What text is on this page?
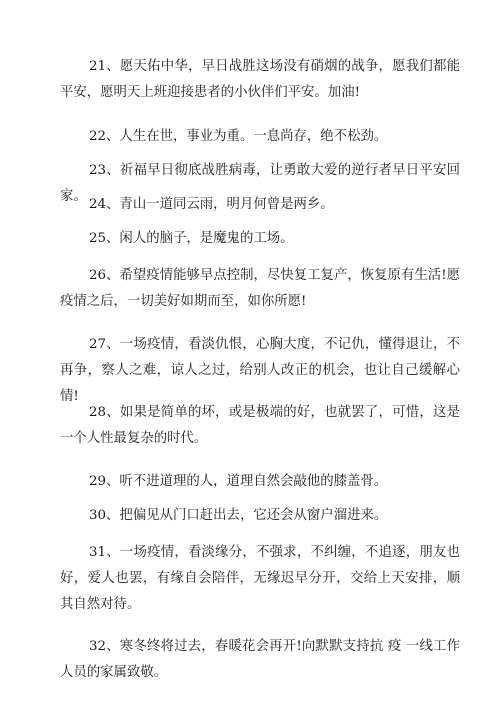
21、愿天佑中华，早日战胜这场没有硝烟的战争，愿我们都能平安，愿明天上班迎接患者的小伙伴们平安。加油!

22、人生在世，事业为重。一息尚存，绝不松劲。

23、祈福早日彻底战胜病毒，让勇敢大爱的逆行者早日平安回家。

24、青山一道同云雨，明月何曾是两乡。

25、闲人的脑子，是魔鬼的工场。

26、希望疫情能够早点控制，尽快复工复产，恢复原有生活!愿疫情之后，一切美好如期而至，如你所愿!

27、一场疫情，看淡仇恨，心胸大度，不记仇，懂得退让，不再争，察人之难，谅人之过，给别人改正的机会，也让自己缓解心情!

28、如果是简单的坏，或是极端的好，也就罢了，可惜，这是一个人性最复杂的时代。

29、听不进道理的人，道理自然会敲他的膝盖骨。

30、把偏见从门口赶出去，它还会从窗户溜进来。

31、一场疫情，看淡缘分，不强求，不纠缠，不追逐，朋友也好，爱人也罢，有缘自会陪伴，无缘迟早分开，交给上天安排，顺其自然对待。

32、寒冬终将过去，春暖花会再开!向默默支持抗 疫 一线工作人员的家属致敬。
